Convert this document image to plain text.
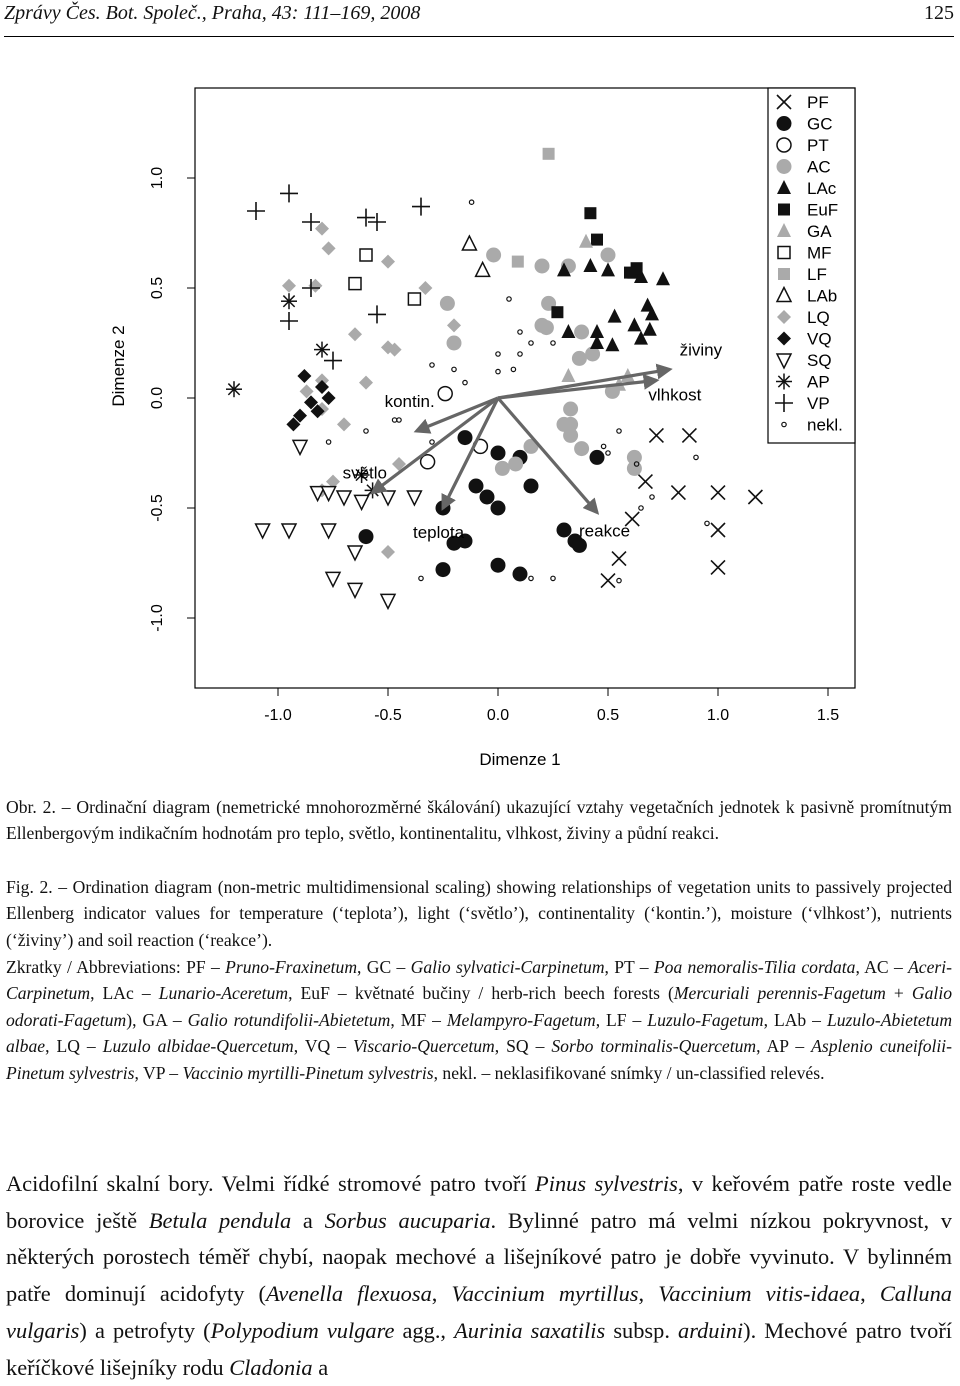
Zprávy Čes. Bot. Společ., Praha, 43: 111–169, 2008	125
-1.0	-0.5	0.0	0.5	1.0	1.5
-1.0
-0.5
0.0
0.5
1.0
Dimenze 1
Dimenze 2	živiny
vlhkost
kontin.
světlo
teplota	reakce
PF
GC
PT
AC
LAc
EuF
GA
MF
LF
LAb
LQ
VQ
SQ
AP
VP
nekl.
Obr. 2. – Ordinační diagram (nemetrické mnohorozměrné škálování) ukazující vztahy vegetačních jednotek k pasivně promítnutým Ellenbergovým indikačním hodnotám pro teplo, světlo, kontinentalitu, vlhkost, živiny a půdní reakci.
Fig. 2. – Ordination diagram (non-metric multidimensional scaling) showing relationships of vegetation units to passively projected Ellenberg indicator values for temperature (‘teplota’), light (‘světlo’), continentality (‘kontin.’), moisture (‘vlhkost’), nutrients (‘živiny’) and soil reaction (‘reakce’).
Zkratky / Abbreviations: PF – Pruno-Fraxinetum, GC – Galio sylvatici-Carpinetum, PT – Poa nemoralis-Tilia cordata, AC – Aceri-Carpinetum, LAc – Lunario-Aceretum, EuF – květnaté bučiny / herb-rich beech forests (Mercuriali perennis-Fagetum + Galio odorati-Fagetum), GA – Galio rotundifolii-Abietetum, MF – Melampyro-Fagetum, LF – Luzulo-Fagetum, LAb – Luzulo-Abietetum albae, LQ – Luzulo albidae-Quercetum, VQ – Viscario-Quercetum, SQ – Sorbo torminalis-Quercetum, AP – Asplenio cuneifolii-Pinetum sylvestris, VP – Vaccinio myrtilli-Pinetum sylvestris, nekl. – neklasifikované snímky / un-classified relevés.
Acidofilní skalní bory. Velmi řídké stromové patro tvoří Pinus sylvestris, v keřovém patře roste vedle borovice ještě Betula pendula a Sorbus aucuparia. Bylinné patro má velmi nízkou pokryvnost, v některých porostech téměř chybí, naopak mechové a lišejníkové patro je dobře vyvinuto. V bylinném patře dominují acidofyty (Avenella flexuosa, Vaccinium myrtillus, Vaccinium vitis-idaea, Calluna vulgaris) a petrofyty (Polypodium vulgare agg., Aurinia saxatilis subsp. arduini). Mechové patro tvoří keříčkové lišejníky rodu Cladonia a
